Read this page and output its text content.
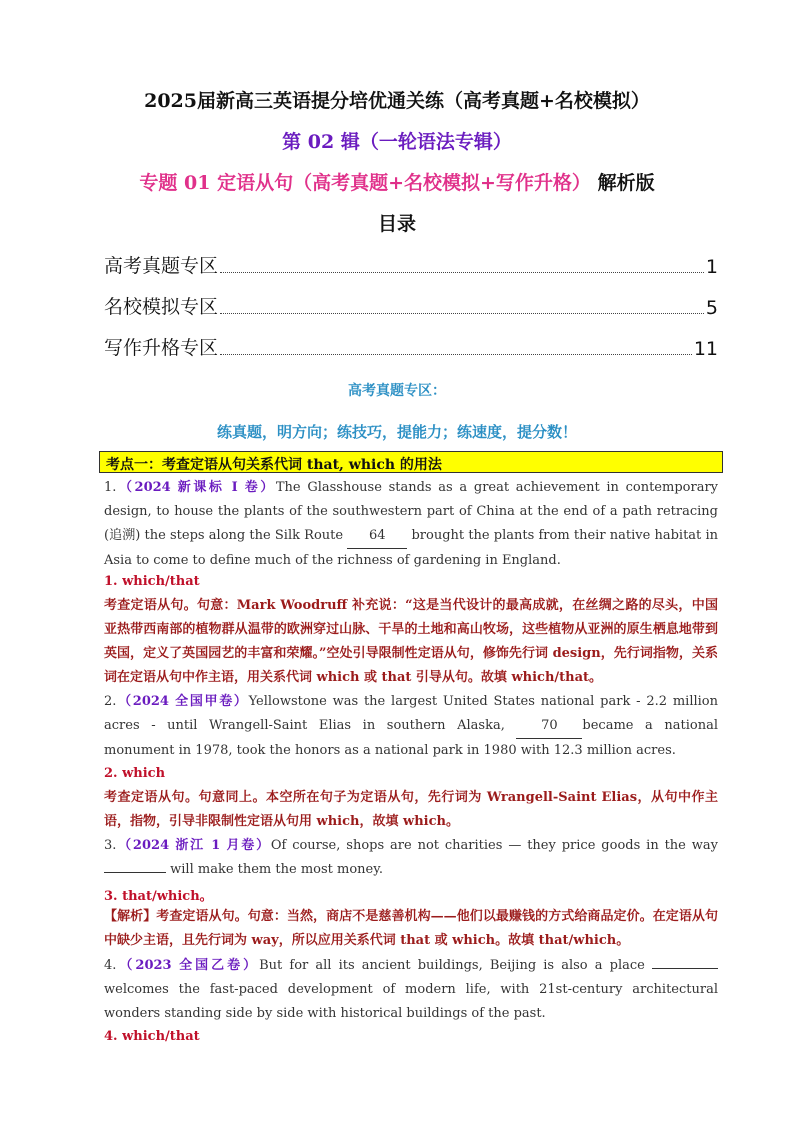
2025届新高三英语提分培优通关练（高考真题+名校模拟）
第 02 辑（一轮语法专辑）
专题 01 定语从句（高考真题+名校模拟+写作升格） 解析版
目录
高考真题专区	1
名校模拟专区	5
写作升格专区	11
高考真题专区：
练真题，明方向；练技巧，提能力；练速度，提分数！
考点一：考查定语从句关系代词 that, which 的用法
1.（2024 新课标 I 卷）The Glasshouse stands as a great achievement in contemporary design, to house the plants of the southwestern part of China at the end of a path retracing (追溯) the steps along the Silk Route 64 brought the plants from their native habitat in Asia to come to define much of the richness of gardening in England.
1. which/that
考查定语从句。句意：Mark Woodruff 补充说：“这是当代设计的最高成就，在丝绸之路的尽头，中国亚热带西南部的植物群从温带的欧洲穿过山脉、干旱的土地和高山牧场，这些植物从亚洲的原生栖息地带到英国，定义了英国园艺的丰富和荣耀。”空处引导限制性定语从句，修饰先行词 design，先行词指物，关系词在定语从句中作主语，用关系代词 which 或 that 引导从句。故填 which/that。
2.（2024 全国甲卷）Yellowstone was the largest United States national park - 2.2 million acres - until Wrangell-Saint Elias in southern Alaska, 70 became a national monument in 1978, took the honors as a national park in 1980 with 12.3 million acres.
2. which
考查定语从句。句意同上。本空所在句子为定语从句，先行词为 Wrangell-Saint Elias，从句中作主语，指物，引导非限制性定语从句用 which，故填 which。
3.（2024 浙江 1 月卷）Of course, shops are not charities — they price goods in the way  will make them the most money.
3. that/which。
【解析】考查定语从句。句意：当然，商店不是慈善机构——他们以最赚钱的方式给商品定价。在定语从句中缺少主语，且先行词为 way，所以应用关系代词 that 或 which。故填 that/which。
4.（2023 全国乙卷）But for all its ancient buildings, Beijing is also a place  welcomes the fast-paced development of modern life, with 21st-century architectural wonders standing side by side with historical buildings of the past.
4. which/that
